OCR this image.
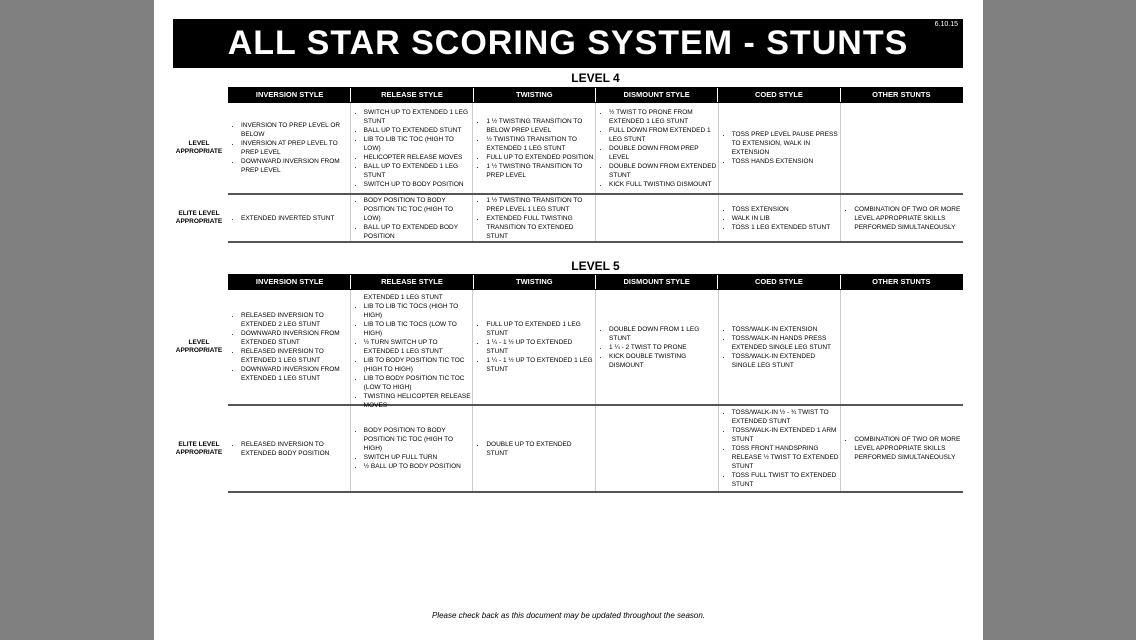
ALL STAR SCORING SYSTEM - STUNTS	6.10.15
LEVEL 4
INVERSION STYLE	RELEASE STYLE	TWISTING	DISMOUNT STYLE	COED STYLE	OTHER STUNTS
LEVEL APPROPRIATE
• INVERSION TO PREP LEVEL OR BELOW
• INVERSION AT PREP LEVEL TO PREP LEVEL
• DOWNWARD INVERSION FROM PREP LEVEL
• SWITCH UP TO EXTENDED 1 LEG STUNT
• BALL UP TO EXTENDED STUNT
• LIB TO LIB TIC TOC (HIGH TO LOW)
• HELICOPTER RELEASE MOVES
• BALL UP TO EXTENDED 1 LEG STUNT
• SWITCH UP TO BODY POSITION
• 1 ½ TWISTING TRANSITION TO BELOW PREP LEVEL
• ½ TWISTING TRANSITION TO EXTENDED 1 LEG STUNT
• FULL UP TO EXTENDED POSITION
• 1 ½ TWISTING TRANSITION TO PREP LEVEL
• ½ TWIST TO PRONE FROM EXTENDED 1 LEG STUNT
• FULL DOWN FROM EXTENDED 1 LEG STUNT
• DOUBLE DOWN FROM PREP LEVEL
• DOUBLE DOWN FROM EXTENDED STUNT
• KICK FULL TWISTING DISMOUNT
• TOSS PREP LEVEL PAUSE PRESS TO EXTENSION, WALK IN EXTENSION
• TOSS HANDS EXTENSION
ELITE LEVEL APPROPRIATE
•	EXTENDED INVERTED STUNT
• BODY POSITION TO BODY POSITION TIC TOC (HIGH TO LOW)
• BALL UP TO EXTENDED BODY POSITION
• 1 ½ TWISTING TRANSITION TO PREP LEVEL 1 LEG STUNT
• EXTENDED FULL TWISTING TRANSITION TO EXTENDED STUNT
• TOSS EXTENSION
• WALK IN LIB
• TOSS 1 LEG EXTENDED STUNT
• COMBINATION OF TWO OR MORE LEVEL APPROPRIATE SKILLS PERFORMED SIMULTANEOUSLY
LEVEL 5
INVERSION STYLE	RELEASE STYLE	TWISTING	DISMOUNT STYLE	COED STYLE	OTHER STUNTS
LEVEL APPROPRIATE
• RELEASED INVERSION TO EXTENDED 2 LEG STUNT
• DOWNWARD INVERSION FROM EXTENDED STUNT
• RELEASED INVERSION TO EXTENDED 1 LEG STUNT
• DOWNWARD INVERSION FROM EXTENDED 1 LEG STUNT
• ½ TURN SWITCH UP TO EXTENDED 1 LEG STUNT
• LIB TO LIB TIC TOCS (HIGH TO HIGH)
• LIB TO LIB TIC TOCS (LOW TO HIGH)
• ½ TURN SWITCH UP TO EXTENDED 1 LEG STUNT
• LIB TO BODY POSITION TIC TOC (HIGH TO HIGH)
• LIB TO BODY POSITION TIC TOC (LOW TO HIGH)
• TWISTING HELICOPTER RELEASE MOVES
• FULL UP TO EXTENDED 1 LEG STUNT
• 1 ¼ - 1 ½ UP TO EXTENDED STUNT
• 1 ¼ - 1 ½ UP TO EXTENDED 1 LEG STUNT
• DOUBLE DOWN FROM 1 LEG STUNT
• 1 ¼ - 2 TWIST TO PRONE
• KICK DOUBLE TWISTING DISMOUNT
• TOSS/WALK-IN EXTENSION
• TOSS/WALK-IN HANDS PRESS EXTENDED SINGLE LEG STUNT
• TOSS/WALK-IN EXTENDED SINGLE LEG STUNT
ELITE LEVEL APPROPRIATE
• RELEASED INVERSION TO EXTENDED BODY POSITION
• BODY POSITION TO BODY POSITION TIC TOC (HIGH TO HIGH)
• SWITCH UP FULL TURN
• ½ BALL UP TO BODY POSITION
• DOUBLE UP TO EXTENDED STUNT
• TOSS/WALK-IN ½ - ¾ TWIST TO EXTENDED STUNT
• TOSS/WALK-IN EXTENDED 1 ARM STUNT
• TOSS FRONT HANDSPRING RELEASE ½ TWIST TO EXTENDED STUNT
• TOSS FULL TWIST TO EXTENDED STUNT
• COMBINATION OF TWO OR MORE LEVEL APPROPRIATE SKILLS PERFORMED SIMULTANEOUSLY
Please check back as this document may be updated throughout the season.
